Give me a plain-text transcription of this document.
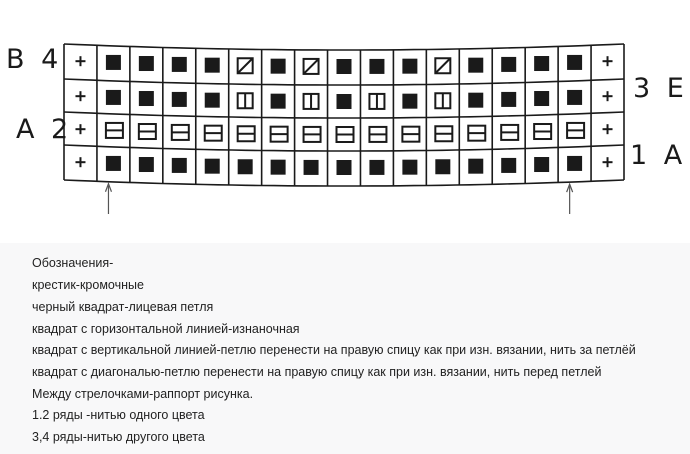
B 4
A 2
3 E
1 A
Обозначения-
крестик-кромочные
черный квадрат-лицевая петля
квадрат с горизонтальной линией-изнаночная
квадрат с вертикальной линией-петлю перенести на правую спицу как при изн. вязании, нить за петлёй
квадрат с диагональю-петлю перенести на правую спицу как при изн. вязании, нить перед петлей
Между стрелочками-раппорт рисунка.
1.2 ряды -нитью одного цвета
3,4 ряды-нитью другого цвета
